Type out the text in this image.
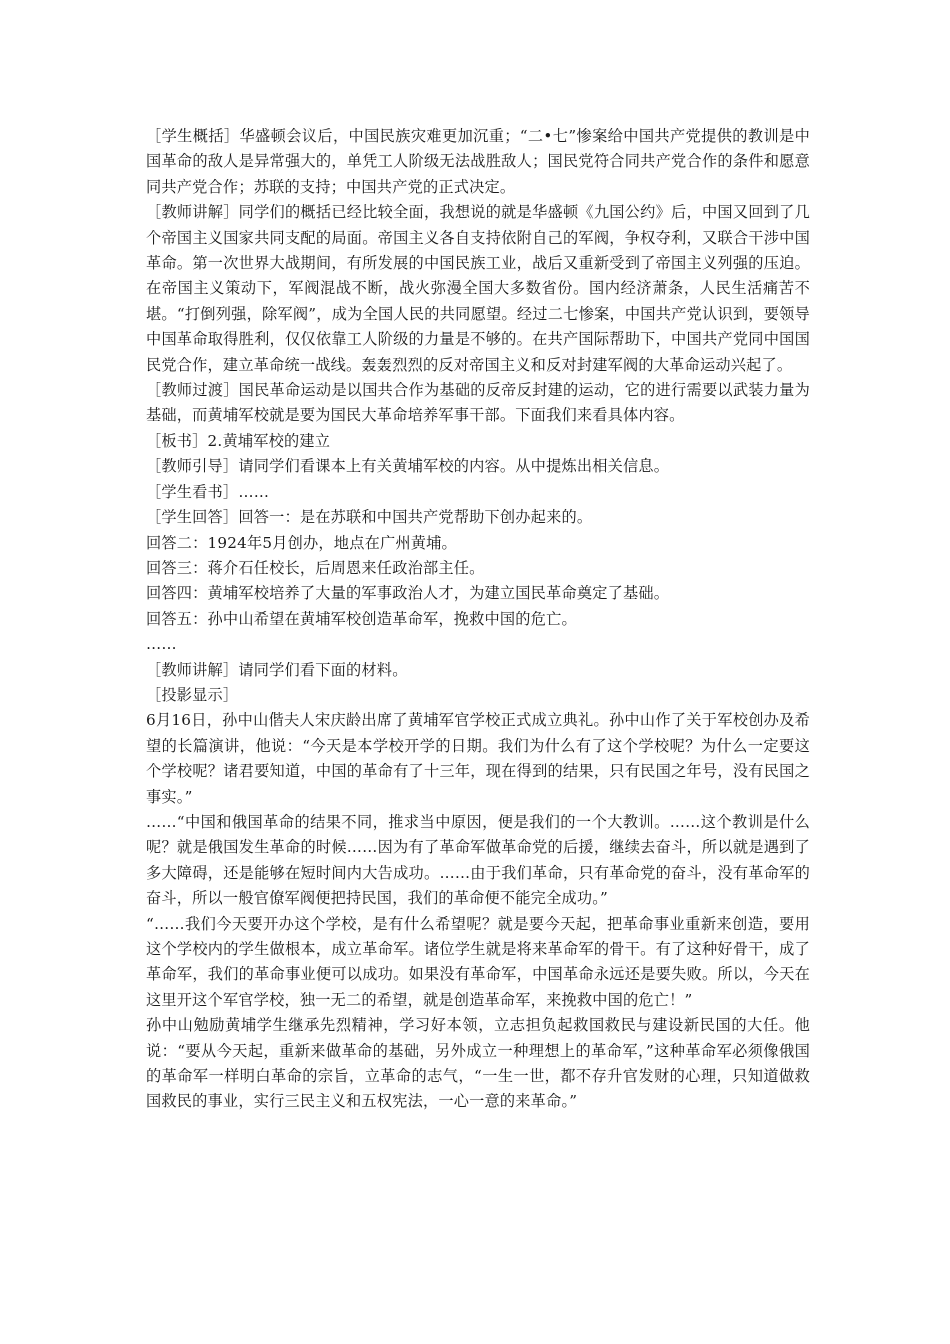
［学生概括］华盛顿会议后，中国民族灾难更加沉重；“二•七”惨案给中国共产党提供的教训是中国革命的敌人是异常强大的，单凭工人阶级无法战胜敌人；国民党符合同共产党合作的条件和愿意同共产党合作；苏联的支持；中国共产党的正式决定。

［教师讲解］同学们的概括已经比较全面，我想说的就是华盛顿《九国公约》后，中国又回到了几个帝国主义国家共同支配的局面。帝国主义各自支持依附自己的军阀，争权夺利，又联合干涉中国革命。第一次世界大战期间，有所发展的中国民族工业，战后又重新受到了帝国主义列强的压迫。在帝国主义策动下，军阀混战不断，战火弥漫全国大多数省份。国内经济萧条，人民生活痛苦不堪。“打倒列强，除军阀”，成为全国人民的共同愿望。经过二七惨案，中国共产党认识到，要领导中国革命取得胜利，仅仅依靠工人阶级的力量是不够的。在共产国际帮助下，中国共产党同中国国民党合作，建立革命统一战线。轰轰烈烈的反对帝国主义和反对封建军阀的大革命运动兴起了。

［教师过渡］国民革命运动是以国共合作为基础的反帝反封建的运动，它的进行需要以武装力量为基础，而黄埔军校就是要为国民大革命培养军事干部。下面我们来看具体内容。

［板书］2.黄埔军校的建立

［教师引导］请同学们看课本上有关黄埔军校的内容。从中提炼出相关信息。

［学生看书］……

［学生回答］回答一：是在苏联和中国共产党帮助下创办起来的。

回答二：1924年5月创办，地点在广州黄埔。

回答三：蒋介石任校长，后周恩来任政治部主任。

回答四：黄埔军校培养了大量的军事政治人才，为建立国民革命奠定了基础。

回答五：孙中山希望在黄埔军校创造革命军，挽救中国的危亡。

……

［教师讲解］请同学们看下面的材料。

［投影显示］

6月16日，孙中山偕夫人宋庆龄出席了黄埔军官学校正式成立典礼。孙中山作了关于军校创办及希望的长篇演讲，他说：“今天是本学校开学的日期。我们为什么有了这个学校呢？为什么一定要这个学校呢？诸君要知道，中国的革命有了十三年，现在得到的结果，只有民国之年号，没有民国之事实。”

……“中国和俄国革命的结果不同，推求当中原因，便是我们的一个大教训。……这个教训是什么呢？就是俄国发生革命的时候……因为有了革命军做革命党的后援，继续去奋斗，所以就是遇到了多大障碍，还是能够在短时间内大告成功。……由于我们革命，只有革命党的奋斗，没有革命军的奋斗，所以一般官僚军阀便把持民国，我们的革命便不能完全成功。”

“……我们今天要开办这个学校，是有什么希望呢？就是要今天起，把革命事业重新来创造，要用这个学校内的学生做根本，成立革命军。诸位学生就是将来革命军的骨干。有了这种好骨干，成了革命军，我们的革命事业便可以成功。如果没有革命军，中国革命永远还是要失败。所以，今天在这里开这个军官学校，独一无二的希望，就是创造革命军，来挽救中国的危亡！”

孙中山勉励黄埔学生继承先烈精神，学习好本领，立志担负起救国救民与建设新民国的大任。他说：“要从今天起，重新来做革命的基础，另外成立一种理想上的革命军，”这种革命军必须像俄国的革命军一样明白革命的宗旨，立革命的志气，“一生一世，都不存升官发财的心理，只知道做救国救民的事业，实行三民主义和五权宪法，一心一意的来革命。”
